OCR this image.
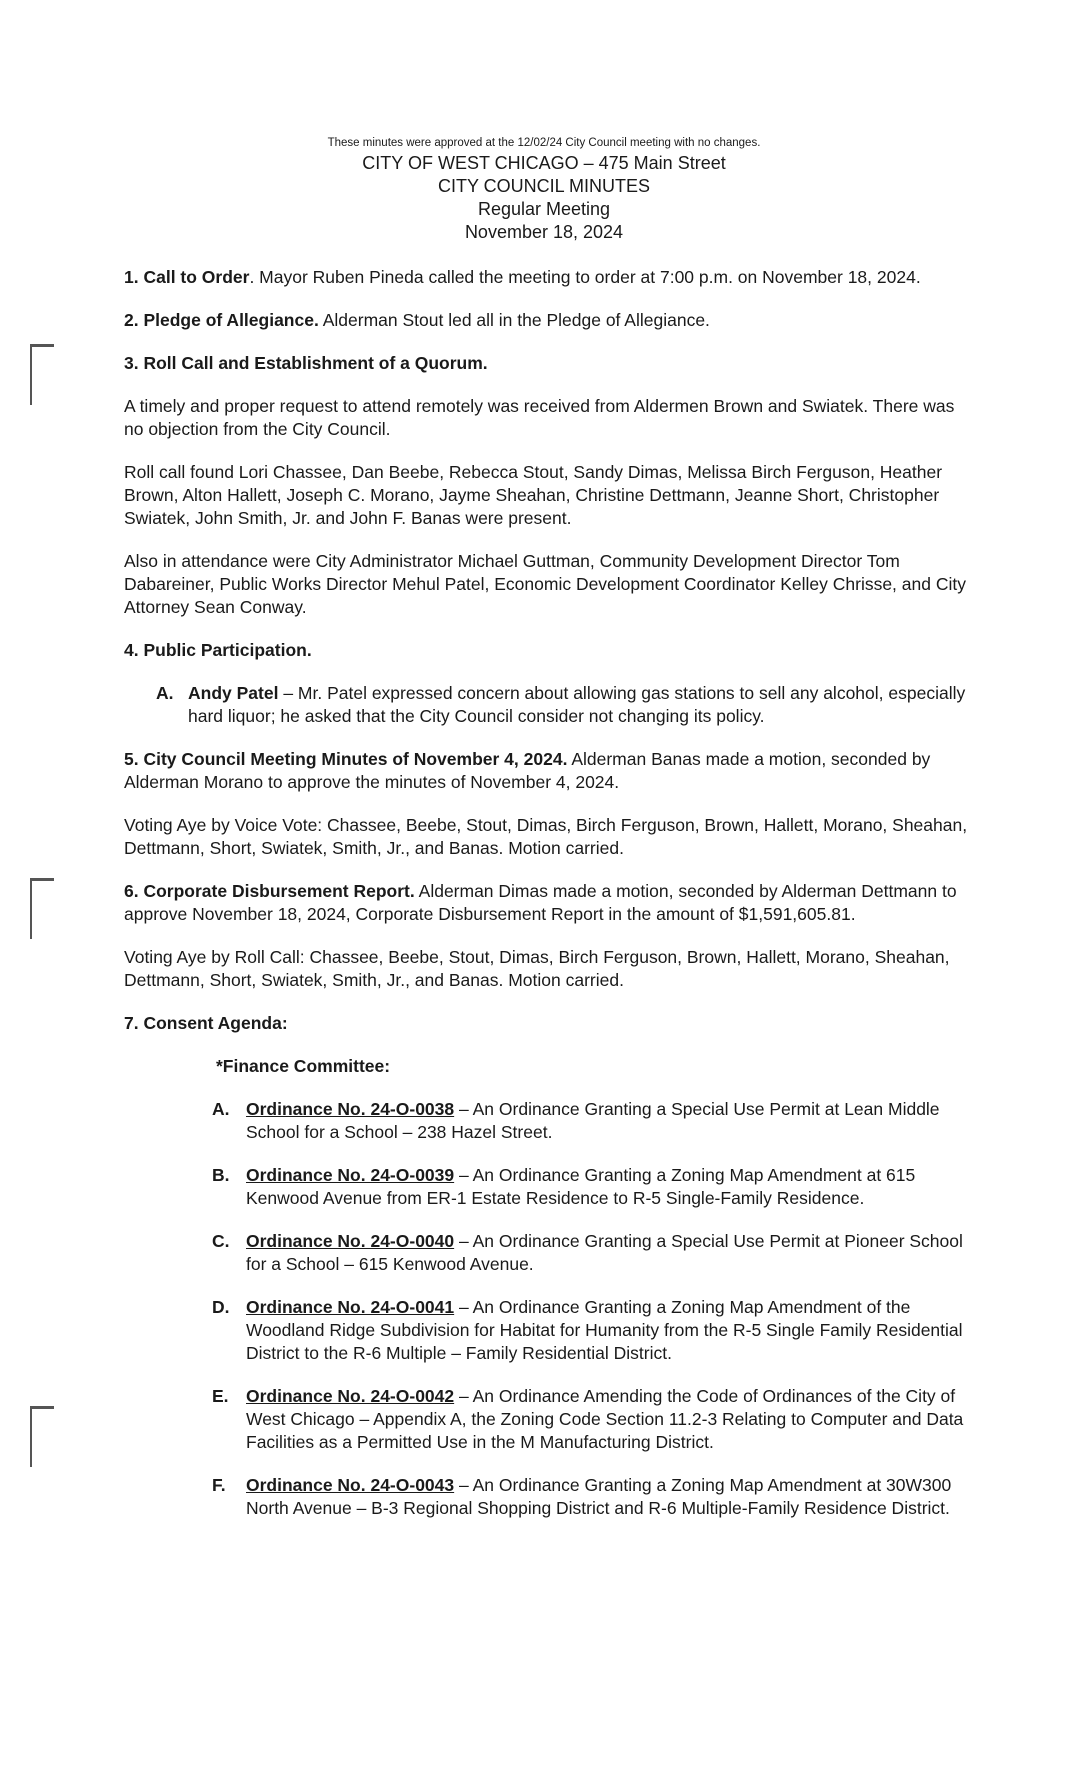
These minutes were approved at the 12/02/24 City Council meeting with no changes.
CITY OF WEST CHICAGO – 475 Main Street
CITY COUNCIL MINUTES
Regular Meeting
November 18, 2024

1. Call to Order. Mayor Ruben Pineda called the meeting to order at 7:00 p.m. on November 18, 2024.

2. Pledge of Allegiance. Alderman Stout led all in the Pledge of Allegiance.

3. Roll Call and Establishment of a Quorum.

A timely and proper request to attend remotely was received from Aldermen Brown and Swiatek. There was no objection from the City Council.

Roll call found Lori Chassee, Dan Beebe, Rebecca Stout, Sandy Dimas, Melissa Birch Ferguson, Heather Brown, Alton Hallett, Joseph C. Morano, Jayme Sheahan, Christine Dettmann, Jeanne Short, Christopher Swiatek, John Smith, Jr. and John F. Banas were present.

Also in attendance were City Administrator Michael Guttman, Community Development Director Tom Dabareiner, Public Works Director Mehul Patel, Economic Development Coordinator Kelley Chrisse, and City Attorney Sean Conway.

4. Public Participation.

A. Andy Patel – Mr. Patel expressed concern about allowing gas stations to sell any alcohol, especially hard liquor; he asked that the City Council consider not changing its policy.

5. City Council Meeting Minutes of November 4, 2024. Alderman Banas made a motion, seconded by Alderman Morano to approve the minutes of November 4, 2024.

Voting Aye by Voice Vote: Chassee, Beebe, Stout, Dimas, Birch Ferguson, Brown, Hallett, Morano, Sheahan, Dettmann, Short, Swiatek, Smith, Jr., and Banas. Motion carried.

6. Corporate Disbursement Report. Alderman Dimas made a motion, seconded by Alderman Dettmann to approve November 18, 2024, Corporate Disbursement Report in the amount of $1,591,605.81.

Voting Aye by Roll Call: Chassee, Beebe, Stout, Dimas, Birch Ferguson, Brown, Hallett, Morano, Sheahan, Dettmann, Short, Swiatek, Smith, Jr., and Banas. Motion carried.

7. Consent Agenda:

*Finance Committee:

A. Ordinance No. 24-O-0038 – An Ordinance Granting a Special Use Permit at Lean Middle School for a School – 238 Hazel Street.

B. Ordinance No. 24-O-0039 – An Ordinance Granting a Zoning Map Amendment at 615 Kenwood Avenue from ER-1 Estate Residence to R-5 Single-Family Residence.

C. Ordinance No. 24-O-0040 – An Ordinance Granting a Special Use Permit at Pioneer School for a School – 615 Kenwood Avenue.

D. Ordinance No. 24-O-0041 – An Ordinance Granting a Zoning Map Amendment of the Woodland Ridge Subdivision for Habitat for Humanity from the R-5 Single Family Residential District to the R-6 Multiple – Family Residential District.

E. Ordinance No. 24-O-0042 – An Ordinance Amending the Code of Ordinances of the City of West Chicago – Appendix A, the Zoning Code Section 11.2-3 Relating to Computer and Data Facilities as a Permitted Use in the M Manufacturing District.

F. Ordinance No. 24-O-0043 – An Ordinance Granting a Zoning Map Amendment at 30W300 North Avenue – B-3 Regional Shopping District and R-6 Multiple-Family Residence District.
